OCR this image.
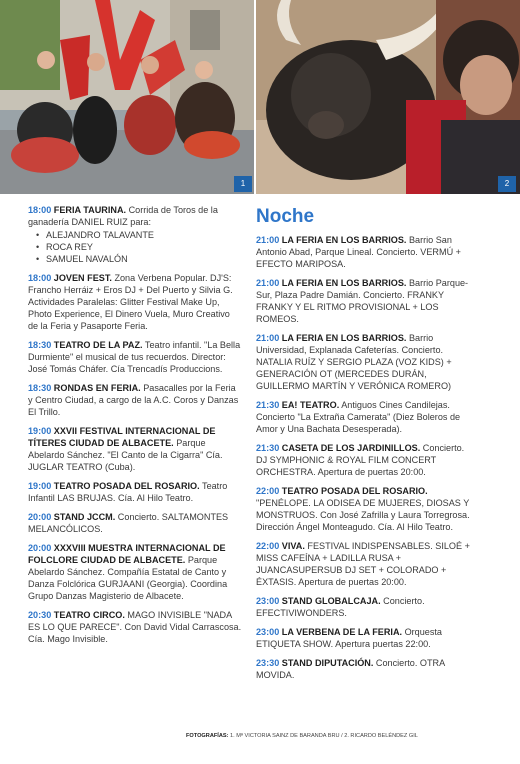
1	2

18:00 FERIA TAURINA. Corrida de Toros de la ganadería DANIEL RUIZ para:

• ALEJANDRO TALAVANTE
• ROCA REY
• SAMUEL NAVALÓN

18:00 JOVEN FEST. Zona Verbena Popular. DJ'S: Francho Herráiz + Eros DJ + Del Puerto y Silvia G. Actividades Paralelas: Glitter Festival Make Up, Photo Experience, El Dinero Vuela, Muro Creativo de la Feria y Pasaporte Feria.

18:30 TEATRO DE LA PAZ. Teatro infantil. "La Bella Durmiente" el musical de tus recuerdos. Director: José Tomás Cháfer. Cía Trencadís Produccions.

18:30 RONDAS EN FERIA. Pasacalles por la Feria y Centro Ciudad, a cargo de la A.C. Coros y Danzas El Trillo.

19:00 XXVII FESTIVAL INTERNACIONAL DE TÍTERES CIUDAD DE ALBACETE. Parque Abelardo Sánchez. "El Canto de la Cigarra" Cía. JUGLAR TEATRO (Cuba).

19:00 TEATRO POSADA DEL ROSARIO. Teatro Infantil LAS BRUJAS. Cía. Al Hilo Teatro.

20:00 STAND JCCM. Concierto. SALTAMONTES MELANCÓLICOS.

20:00 XXXVIII MUESTRA INTERNACIONAL DE FOLCLORE CIUDAD DE ALBACETE. Parque Abelardo Sánchez. Compañía Estatal de Canto y Danza Folclórica GURJAANI (Georgia). Coordina Grupo Danzas Magisterio de Albacete.

20:30 TEATRO CIRCO. MAGO INVISIBLE "NADA ES LO QUE PARECE". Con David Vidal Carrascosa. Cía. Mago Invisible.

Noche

21:00 LA FERIA EN LOS BARRIOS. Barrio San Antonio Abad, Parque Lineal. Concierto. VERMÚ + EFECTO MARIPOSA.

21:00 LA FERIA EN LOS BARRIOS. Barrio Parque-Sur, Plaza Padre Damián. Concierto. FRANKY FRANKY Y EL RITMO PROVISIONAL + LOS ROMEOS.

21:00 LA FERIA EN LOS BARRIOS. Barrio Universidad, Explanada Cafeterías. Concierto. NATALIA RUÍZ Y SERGIO PLAZA (VOZ KIDS) + GENERACIÓN OT (MERCEDES DURÁN, GUILLERMO MARTÍN Y VERÓNICA ROMERO)

21:30 EA! TEATRO. Antiguos Cines Candilejas. Concierto "La Extraña Camerata" (Diez Boleros de Amor y Una Bachata Desesperada).

21:30 CASETA DE LOS JARDINILLOS. Concierto. DJ SYMPHONIC & ROYAL FILM CONCERT ORCHESTRA. Apertura de puertas 20:00.

22:00 TEATRO POSADA DEL ROSARIO. "PENÉLOPE. LA ODISEA DE MUJERES, DIOSAS Y MONSTRUOS. Con José Zafrilla y Laura Torregrosa. Dirección Ángel Monteagudo. Cía. Al Hilo Teatro.

22:00 VIVA. FESTIVAL INDISPENSABLES. SILOÉ + MISS CAFEÍNA + LADILLA RUSA + JUANCASUPERSUB DJ SET + COLORADO + ÉXTASIS. Apertura de puertas 20:00.

23:00 STAND GLOBALCAJA. Concierto. EFECTIVIWONDERS.

23:00 LA VERBENA DE LA FERIA. Orquesta ETIQUETA SHOW. Apertura puertas 22:00.

23:30 STAND DIPUTACIÓN. Concierto. OTRA MOVIDA.

FOTOGRAFÍAS: 1. Mª VICTORIA SAINZ DE BARANDA BRU / 2. RICARDO BELÉNDEZ GIL
